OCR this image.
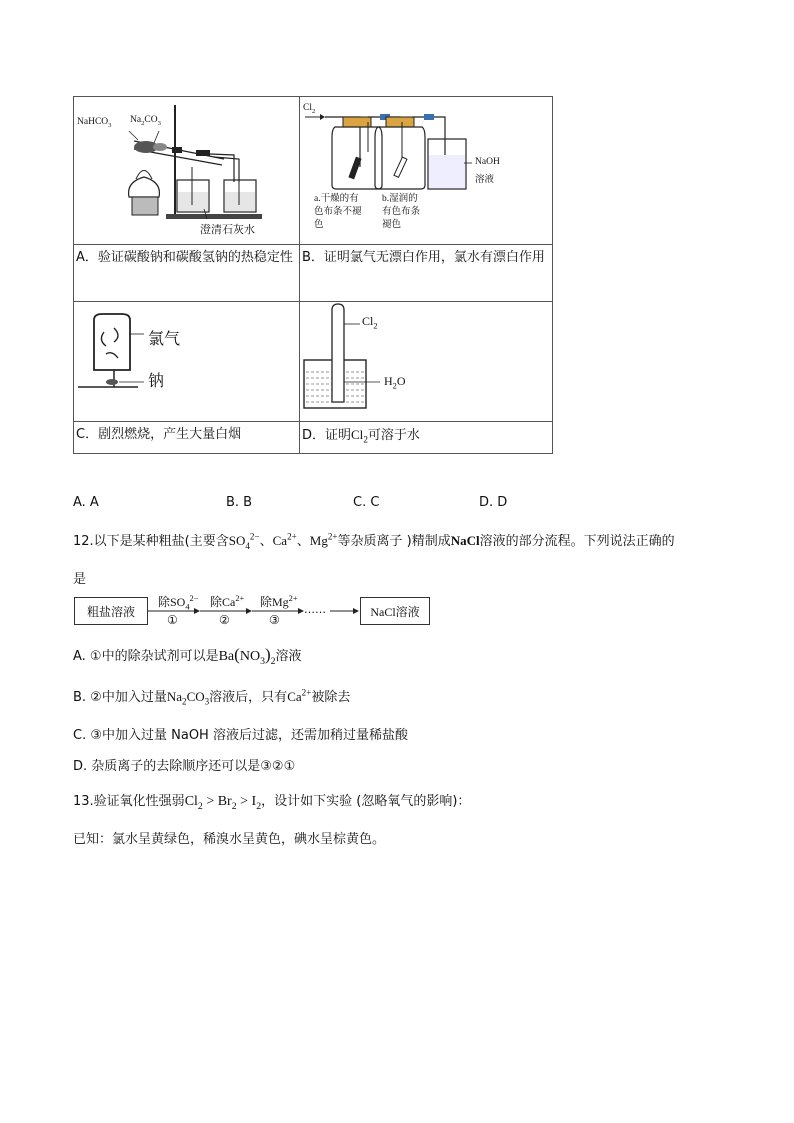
NaHCO$_3$
$Na_2CO_3$
澄清石灰水
$Cl_2$
NaOH
溶液
a.干燥的有
色布条不褪
色
b.湿润的
有色布条
褪色
A．验证碳酸钠和碳酸氢钠的热稳定性 B．证明氯气无漂白作用，氯水有漂白作用
氯气
钠
$Cl_2$
$H_2O$
C．剧烈燃烧，产生大量白烟	D．证明$Cl_2$可溶于水
A. A	B. B	C. C	D. D
12.以下是某种粗盐(主要含$SO_4^{2-}$、$Ca^{2+}$、$Mg^{2+}$等杂质离子 )精制成NaCl溶液的部分流程。下列说法正确的
是
粗盐溶液
除$SO_4^{2-}$ 除$Ca^{2+}$ 除$Mg^{2+}$
①	②	③
……	NaCl溶液
A. ①中的除杂试剂可以是$Ba(NO_3)_2$溶液
B. ②中加入过量$Na_2CO_3$溶液后，只有$Ca^{2+}$被除去
C. ③中加入过量 NaOH 溶液后过滤，还需加稍过量稀盐酸
D. 杂质离子的去除顺序还可以是③②①
13.验证氧化性强弱$Cl_2 > Br_2 > I_2$，设计如下实验 (忽略氧气的影响)：
已知：氯水呈黄绿色，稀溴水呈黄色，碘水呈棕黄色。
